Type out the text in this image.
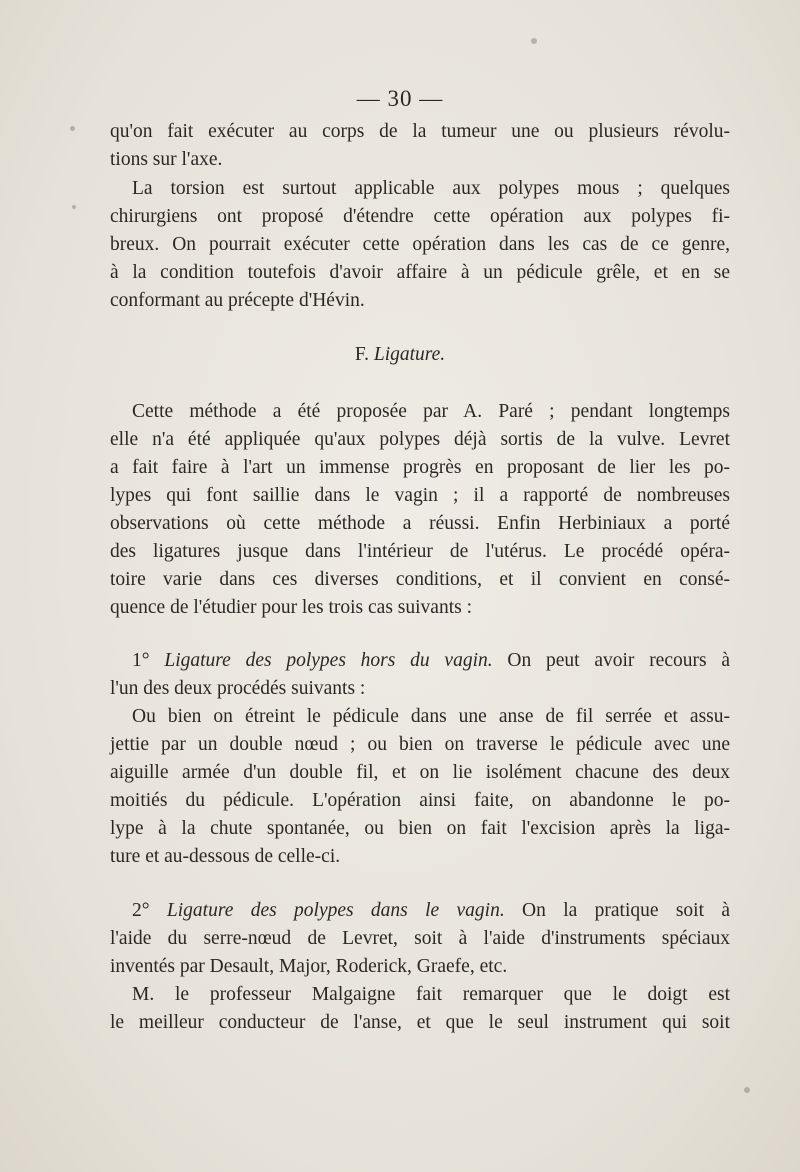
— 30 —
qu'on fait exécuter au corps de la tumeur une ou plusieurs révolu-
tions sur l'axe.
La torsion est surtout applicable aux polypes mous ; quelques
chirurgiens ont proposé d'étendre cette opération aux polypes fi-
breux. On pourrait exécuter cette opération dans les cas de ce genre,
à la condition toutefois d'avoir affaire à un pédicule grêle, et en se
conformant au précepte d'Hévin.
F. Ligature.
Cette méthode a été proposée par A. Paré ; pendant longtemps
elle n'a été appliquée qu'aux polypes déjà sortis de la vulve. Levret
a fait faire à l'art un immense progrès en proposant de lier les po-
lypes qui font saillie dans le vagin ; il a rapporté de nombreuses
observations où cette méthode a réussi. Enfin Herbiniaux a porté
des ligatures jusque dans l'intérieur de l'utérus. Le procédé opéra-
toire varie dans ces diverses conditions, et il convient en consé-
quence de l'étudier pour les trois cas suivants :
1° Ligature des polypes hors du vagin. On peut avoir recours à
l'un des deux procédés suivants :
Ou bien on étreint le pédicule dans une anse de fil serrée et assu-
jettie par un double nœud ; ou bien on traverse le pédicule avec une
aiguille armée d'un double fil, et on lie isolément chacune des deux
moitiés du pédicule. L'opération ainsi faite, on abandonne le po-
lype à la chute spontanée, ou bien on fait l'excision après la liga-
ture et au-dessous de celle-ci.
2° Ligature des polypes dans le vagin. On la pratique soit à
l'aide du serre-nœud de Levret, soit à l'aide d'instruments spéciaux
inventés par Desault, Major, Roderick, Graefe, etc.
M. le professeur Malgaigne fait remarquer que le doigt est
le meilleur conducteur de l'anse, et que le seul instrument qui soit
